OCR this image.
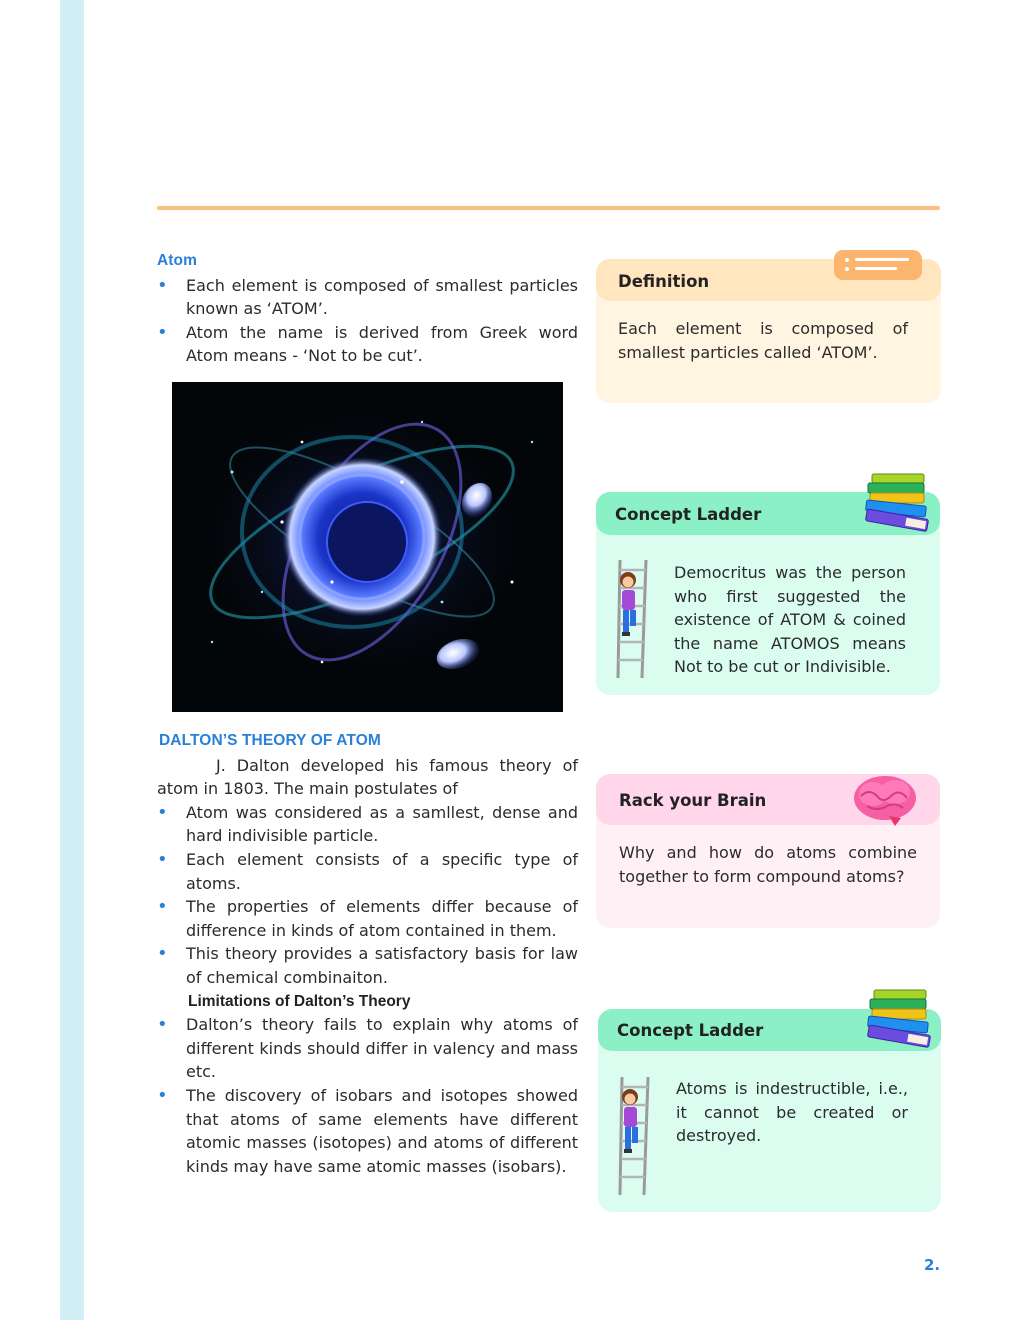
Atom
• Each element is composed of smallest particles known as ‘ATOM’.
• Atom the name is derived from Greek word Atom means - ‘Not to be cut’.
DALTON’S THEORY OF ATOM
J. Dalton developed his famous theory of atom in 1803. The main postulates of
• Atom was considered as a samllest, dense and hard indivisible particle.
• Each element consists of a specific type of atoms.
• The properties of elements differ because of difference in kinds of atom contained in them.
• This theory provides a satisfactory basis for law of chemical combinaiton.
Limitations of Dalton’s Theory
• Dalton’s theory fails to explain why atoms of different kinds should differ in valency and mass etc.
• The discovery of isobars and isotopes showed that atoms of same elements have different atomic masses (isotopes) and atoms of different kinds may have same atomic masses (isobars).
Definition
Each element is composed of smallest particles called ‘ATOM’.
Concept Ladder
Democritus was the person who first suggested the existence of ATOM & coined the name ATOMOS means Not to be cut or Indivisible.
Rack your Brain
Why and how do atoms combine together to form compound atoms?
Concept Ladder
Atoms is indestructible, i.e., it cannot be created or destroyed.
2.
